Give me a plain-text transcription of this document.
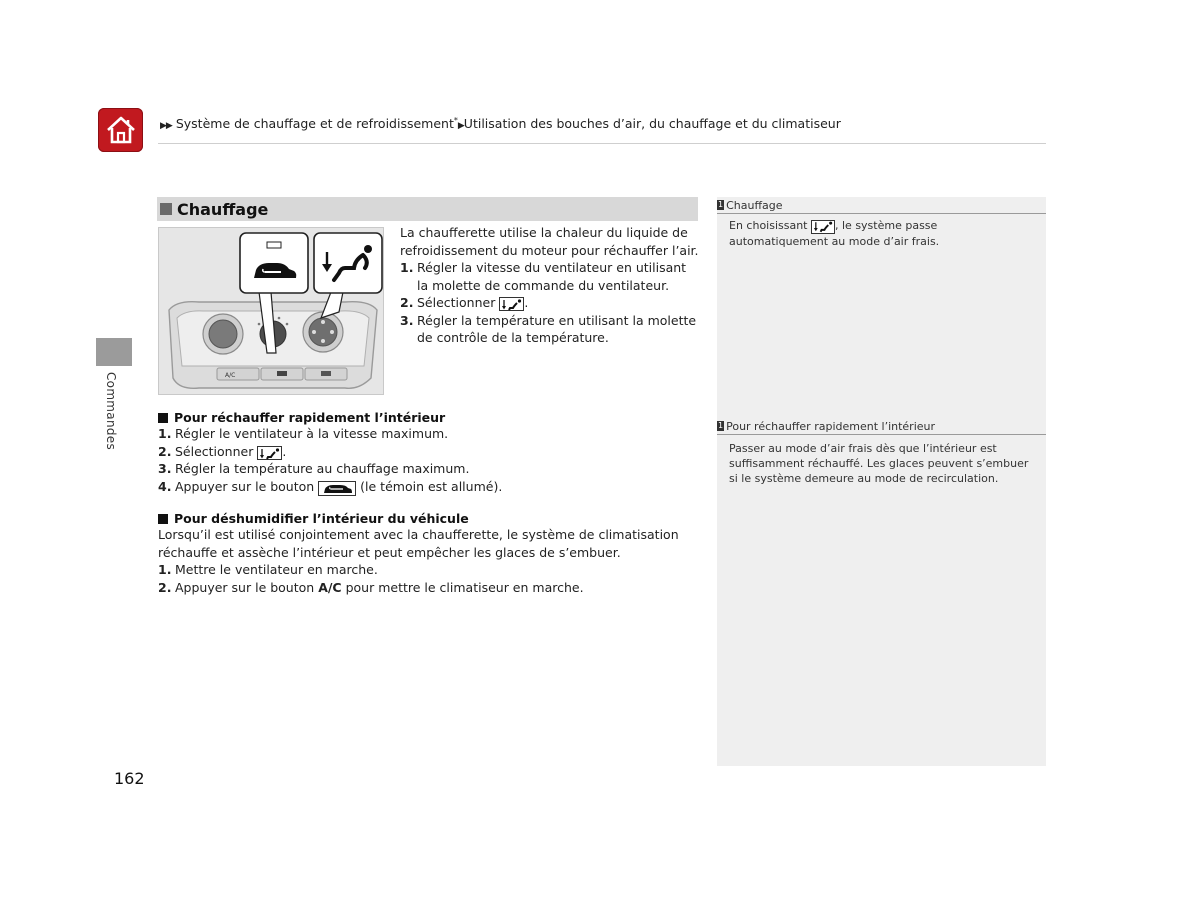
▶▶ Système de chauffage et de refroidissement*▶Utilisation des bouches d’air, du chauffage et du climatiseur
Commandes
Chauffage
A/C
La chaufferette utilise la chaleur du liquide de refroidissement du moteur pour réchauffer l’air.
1. Régler la vitesse du ventilateur en utilisant la molette de commande du ventilateur.
2. Sélectionner .
3. Régler la température en utilisant la molette de contrôle de la température.
Pour réchauffer rapidement l’intérieur
1. Régler le ventilateur à la vitesse maximum.
2. Sélectionner .
3. Régler la température au chauffage maximum.
4. Appuyer sur le bouton	(le témoin est allumé).
Pour déshumidifier l’intérieur du véhicule
Lorsqu’il est utilisé conjointement avec la chaufferette, le système de climatisation réchauffe et assèche l’intérieur et peut empêcher les glaces de s’embuer.
1. Mettre le ventilateur en marche.
2. Appuyer sur le bouton A/C pour mettre le climatiseur en marche.
1 Chauffage
En choisissant	, le système passe automatiquement au mode d’air frais.
1 Pour réchauffer rapidement l’intérieur
Passer au mode d’air frais dès que l’intérieur est suffisamment réchauffé. Les glaces peuvent s’embuer si le système demeure au mode de recirculation.
162
